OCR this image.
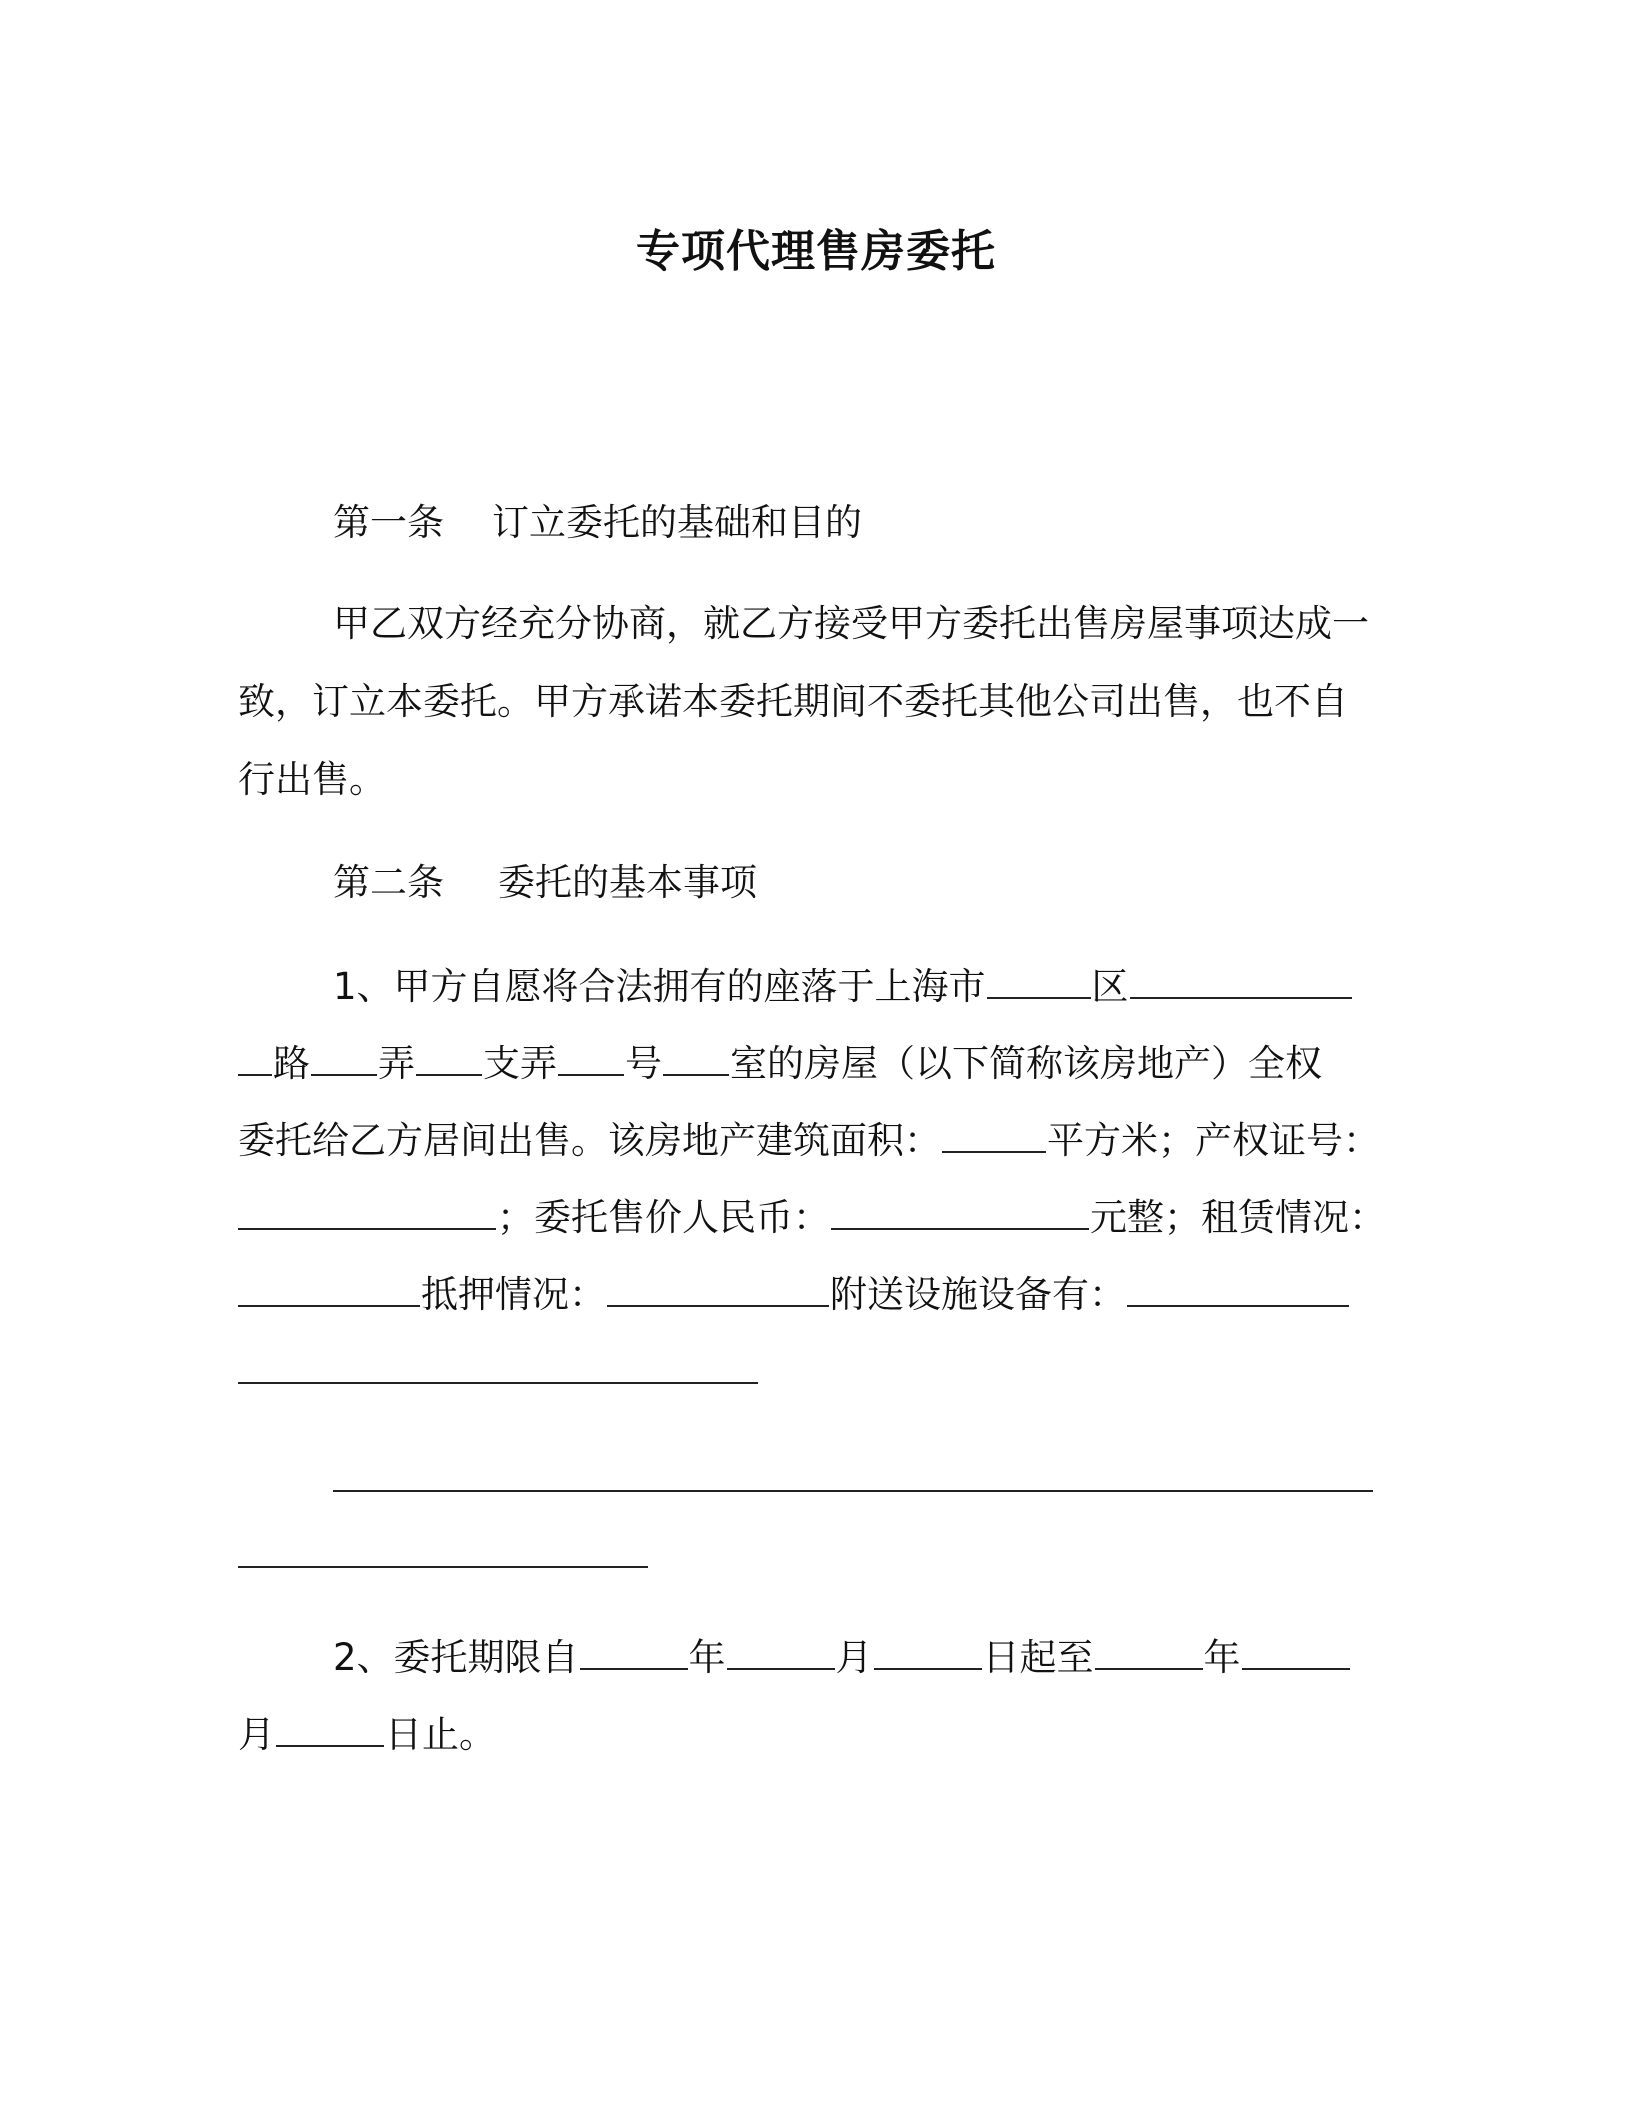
专项代理售房委托
第一条 订立委托的基础和目的
甲乙双方经充分协商，就乙方接受甲方委托出售房屋事项达成一
致，订立本委托。甲方承诺本委托期间不委托其他公司出售，也不自
行出售。
第二条 委托的基本事项
1、甲方自愿将合法拥有的座落于上海市	区
路 弄 支弄 号 室的房屋（以下简称该房地产）全权
委托给乙方居间出售。该房地产建筑面积：	平方米；产权证号：
；委托售价人民币：	元整；租赁情况：
抵押情况：	附送设施设备有：
2、委托期限自	年	月	日起至	年
月	日止。
